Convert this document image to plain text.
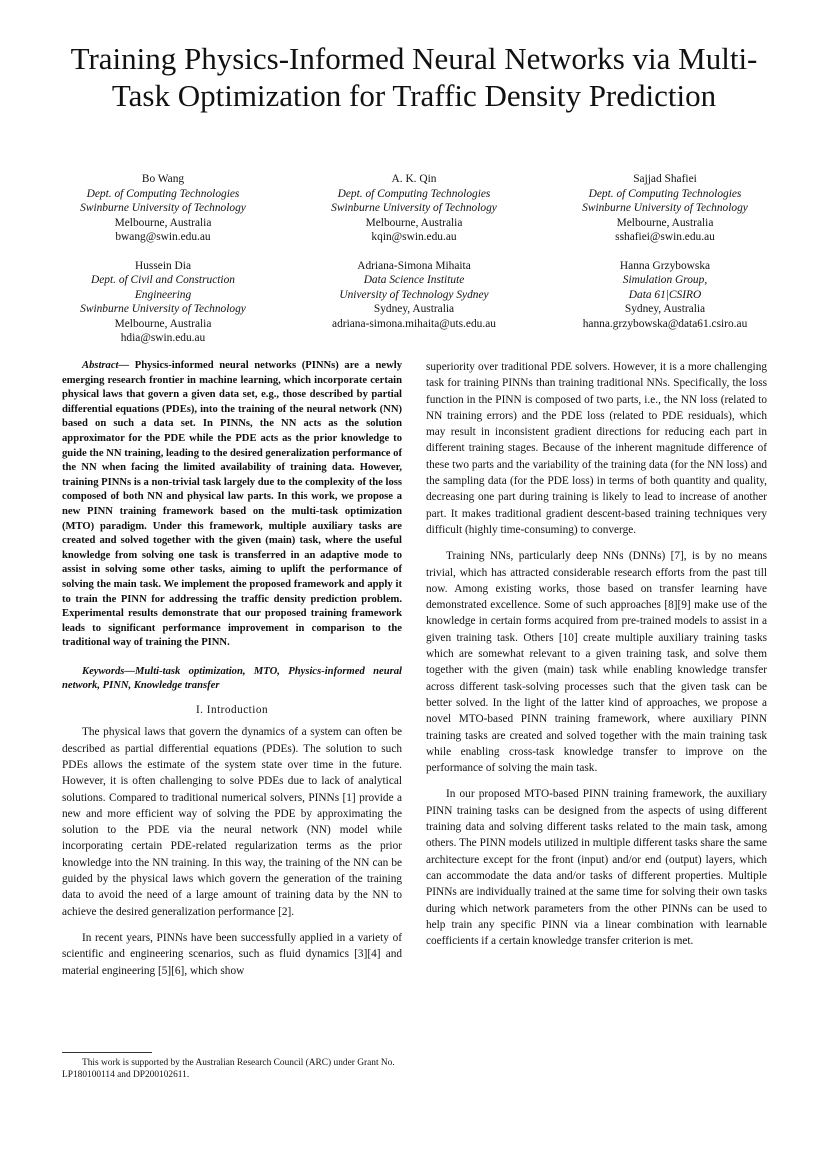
Training Physics-Informed Neural Networks via Multi-Task Optimization for Traffic Density Prediction
Bo Wang
Dept. of Computing Technologies
Swinburne University of Technology
Melbourne, Australia
bwang@swin.edu.au
A. K. Qin
Dept. of Computing Technologies
Swinburne University of Technology
Melbourne, Australia
kqin@swin.edu.au
Sajjad Shafiei
Dept. of Computing Technologies
Swinburne University of Technology
Melbourne, Australia
sshafiei@swin.edu.au
Hussein Dia
Dept. of Civil and Construction
Engineering
Swinburne University of Technology
Melbourne, Australia
hdia@swin.edu.au
Adriana-Simona Mihaita
Data Science Institute
University of Technology Sydney
Sydney, Australia
adriana-simona.mihaita@uts.edu.au
Hanna Grzybowska
Simulation Group,
Data 61|CSIRO
Sydney, Australia
hanna.grzybowska@data61.csiro.au

Abstract— Physics-informed neural networks (PINNs) are a newly emerging research frontier in machine learning, which incorporate certain physical laws that govern a given data set, e.g., those described by partial differential equations (PDEs), into the training of the neural network (NN) based on such a data set. In PINNs, the NN acts as the solution approximator for the PDE while the PDE acts as the prior knowledge to guide the NN training, leading to the desired generalization performance of the NN when facing the limited availability of training data. However, training PINNs is a non-trivial task largely due to the complexity of the loss composed of both NN and physical law parts. In this work, we propose a new PINN training framework based on the multi-task optimization (MTO) paradigm. Under this framework, multiple auxiliary tasks are created and solved together with the given (main) task, where the useful knowledge from solving one task is transferred in an adaptive mode to assist in solving some other tasks, aiming to uplift the performance of solving the main task. We implement the proposed framework and apply it to train the PINN for addressing the traffic density prediction problem. Experimental results demonstrate that our proposed training framework leads to significant performance improvement in comparison to the traditional way of training the PINN.

Keywords—Multi-task optimization, MTO, Physics-informed neural network, PINN, Knowledge transfer

I. Introduction

The physical laws that govern the dynamics of a system can often be described as partial differential equations (PDEs). The solution to such PDEs allows the estimate of the system state over time in the future. However, it is often challenging to solve PDEs due to lack of analytical solutions. Compared to traditional numerical solvers, PINNs [1] provide a new and more efficient way of solving the PDE by approximating the solution to the PDE via the neural network (NN) model while incorporating certain PDE-related regularization terms as the prior knowledge into the NN training. In this way, the training of the NN can be guided by the physical laws which govern the generation of the training data to avoid the need of a large amount of training data by the NN to achieve the desired generalization performance [2].

In recent years, PINNs have been successfully applied in a variety of scientific and engineering scenarios, such as fluid dynamics [3][4] and material engineering [5][6], which show

This work is supported by the Australian Research Council (ARC) under Grant No. LP180100114 and DP200102611.

superiority over traditional PDE solvers. However, it is a more challenging task for training PINNs than training traditional NNs. Specifically, the loss function in the PINN is composed of two parts, i.e., the NN loss (related to NN training errors) and the PDE loss (related to PDE residuals), which may result in inconsistent gradient directions for reducing each part in different training stages. Because of the inherent magnitude difference of these two parts and the variability of the training data (for the NN loss) and the sampling data (for the PDE loss) in terms of both quantity and quality, decreasing one part during training is likely to lead to increase of another part. It makes traditional gradient descent-based training techniques very difficult (highly time-consuming) to converge.

Training NNs, particularly deep NNs (DNNs) [7], is by no means trivial, which has attracted considerable research efforts from the past till now. Among existing works, those based on transfer learning have demonstrated excellence. Some of such approaches [8][9] make use of the knowledge in certain forms acquired from pre-trained models to assist in a given training task. Others [10] create multiple auxiliary training tasks which are somewhat relevant to a given training task, and solve them together with the given (main) task while enabling knowledge transfer across different task-solving processes such that the given task can be better solved. In the light of the latter kind of approaches, we propose a novel MTO-based PINN training framework, where auxiliary PINN training tasks are created and solved together with the main training task while enabling cross-task knowledge transfer to improve on the performance of solving the main task.

In our proposed MTO-based PINN training framework, the auxiliary PINN training tasks can be designed from the aspects of using different training data and solving different tasks related to the main task, among others. The PINN models utilized in multiple different tasks share the same architecture except for the front (input) and/or end (output) layers, which can accommodate the data and/or tasks of different properties. Multiple PINNs are individually trained at the same time for solving their own tasks during which network parameters from the other PINNs can be used to help train any specific PINN via a linear combination with learnable coefficients if a certain knowledge transfer criterion is met.
